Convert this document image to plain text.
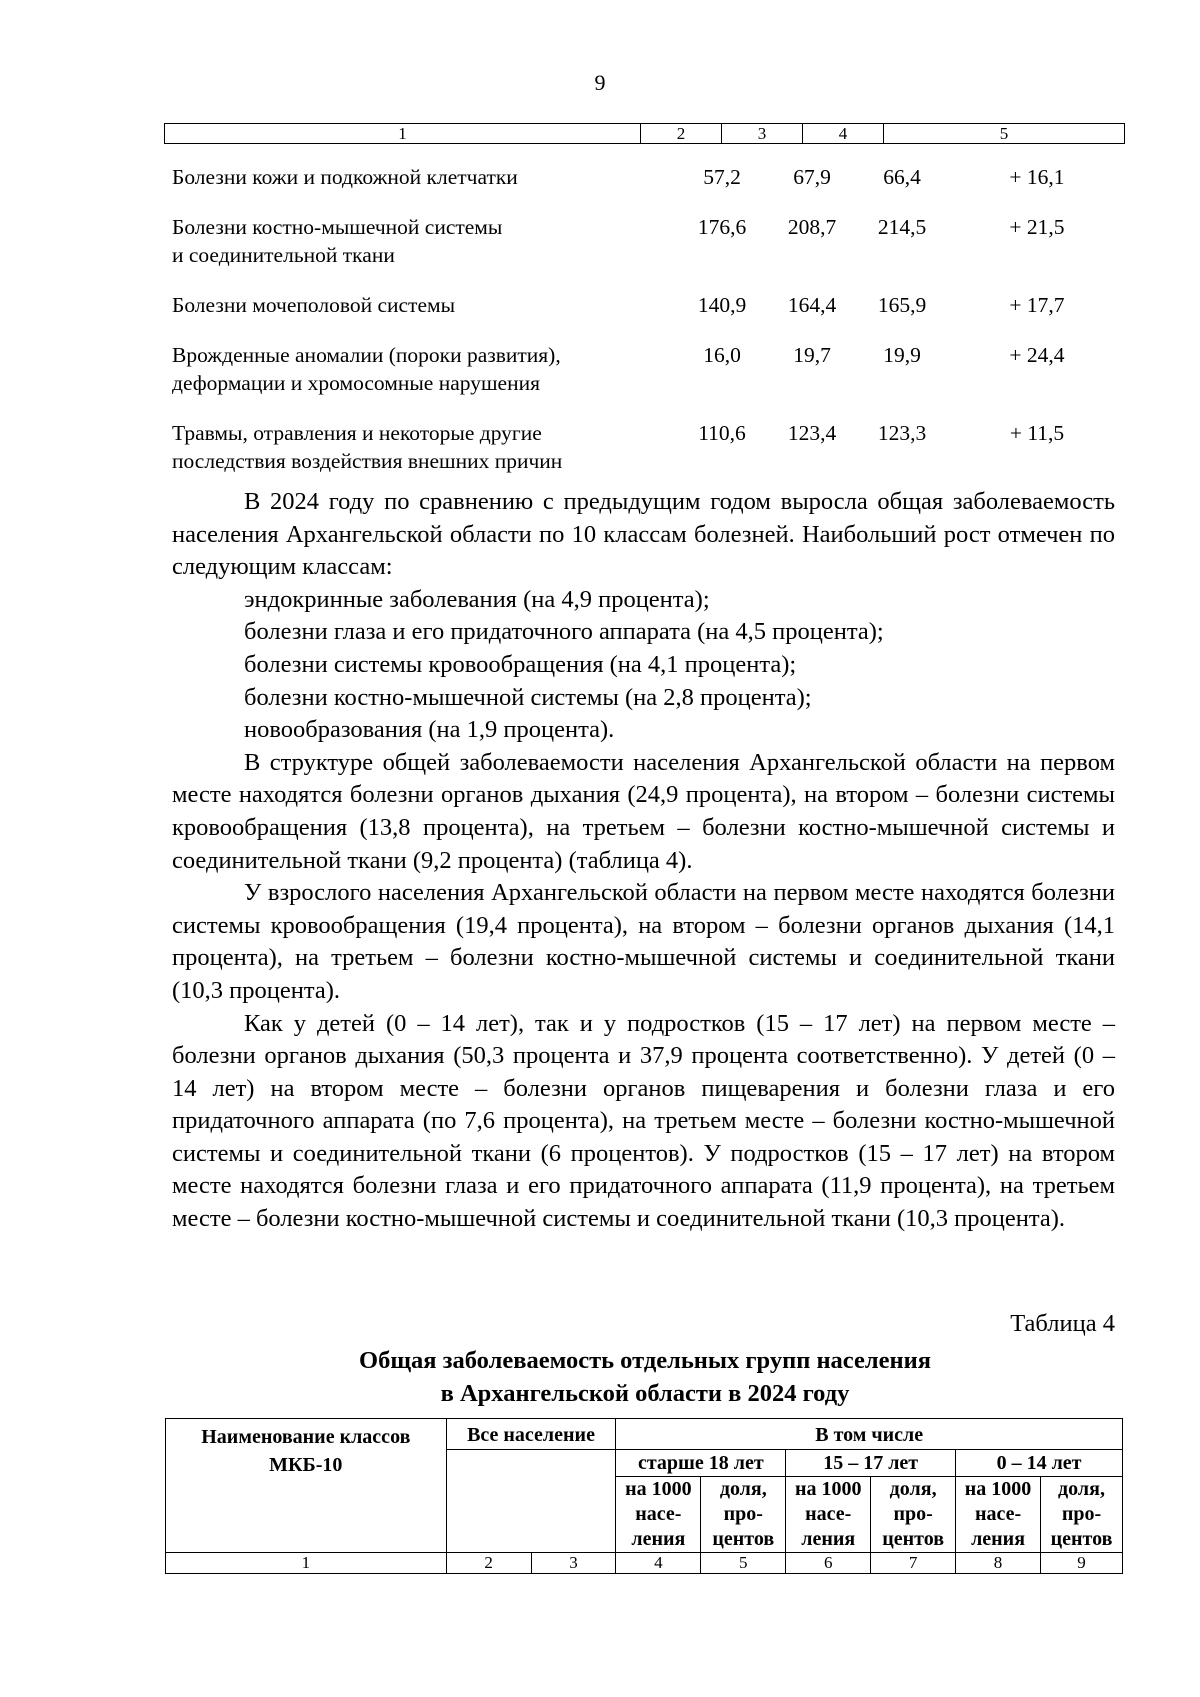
9
1	2	3	4	5
Болезни кожи и подкожной клетчатки	57,2	67,9	66,4	+ 16,1
Болезни костно-мышечной системы
и соединительной ткани
176,6	208,7	214,5	+ 21,5
Болезни мочеполовой системы	140,9	164,4	165,9	+ 17,7
Врожденные аномалии (пороки развития),
деформации и хромосомные нарушения
16,0	19,7	19,9	+ 24,4
Травмы, отравления и некоторые другие
последствия воздействия внешних причин
110,6	123,4	123,3	+ 11,5

В 2024 году по сравнению с предыдущим годом выросла общая заболеваемость населения Архангельской области по 10 классам болезней. Наибольший рост отмечен по следующим классам:

эндокринные заболевания (на 4,9 процента);

болезни глаза и его придаточного аппарата (на 4,5 процента);

болезни системы кровообращения (на 4,1 процента);

болезни костно-мышечной системы (на 2,8 процента);

новообразования (на 1,9 процента).

В структуре общей заболеваемости населения Архангельской области на первом месте находятся болезни органов дыхания (24,9 процента), на втором – болезни системы кровообращения (13,8 процента), на третьем – болезни костно-мышечной системы и соединительной ткани (9,2 процента) (таблица 4).

У взрослого населения Архангельской области на первом месте находятся болезни системы кровообращения (19,4 процента), на втором – болезни органов дыхания (14,1 процента), на третьем – болезни костно-мышечной системы и соединительной ткани (10,3 процента).

Как у детей (0 – 14 лет), так и у подростков (15 – 17 лет) на первом месте – болезни органов дыхания (50,3 процента и 37,9 процента соответственно). У детей (0 – 14 лет) на втором месте – болезни органов пищеварения и болезни глаза и его придаточного аппарата (по 7,6 процента), на третьем месте – болезни костно-мышечной системы и соединительной ткани (6 процентов). У подростков (15 – 17 лет) на втором месте находятся болезни глаза и его придаточного аппарата (11,9 процента), на третьем месте – болезни костно-мышечной системы и соединительной ткани (10,3 процента).

Таблица 4
Общая заболеваемость отдельных групп населения
в Архангельской области в 2024 году
Наименование классов МКБ-10	Все население		В том числе					
			старше 18 лет		15 – 17 лет		0 – 14 лет	
			на 1000 насе-ления	доля, про-центов	на 1000 насе-ления	доля, про-центов	на 1000 насе-ления	доля, про-центов
1	2	3	4	5	6	7	8	9
